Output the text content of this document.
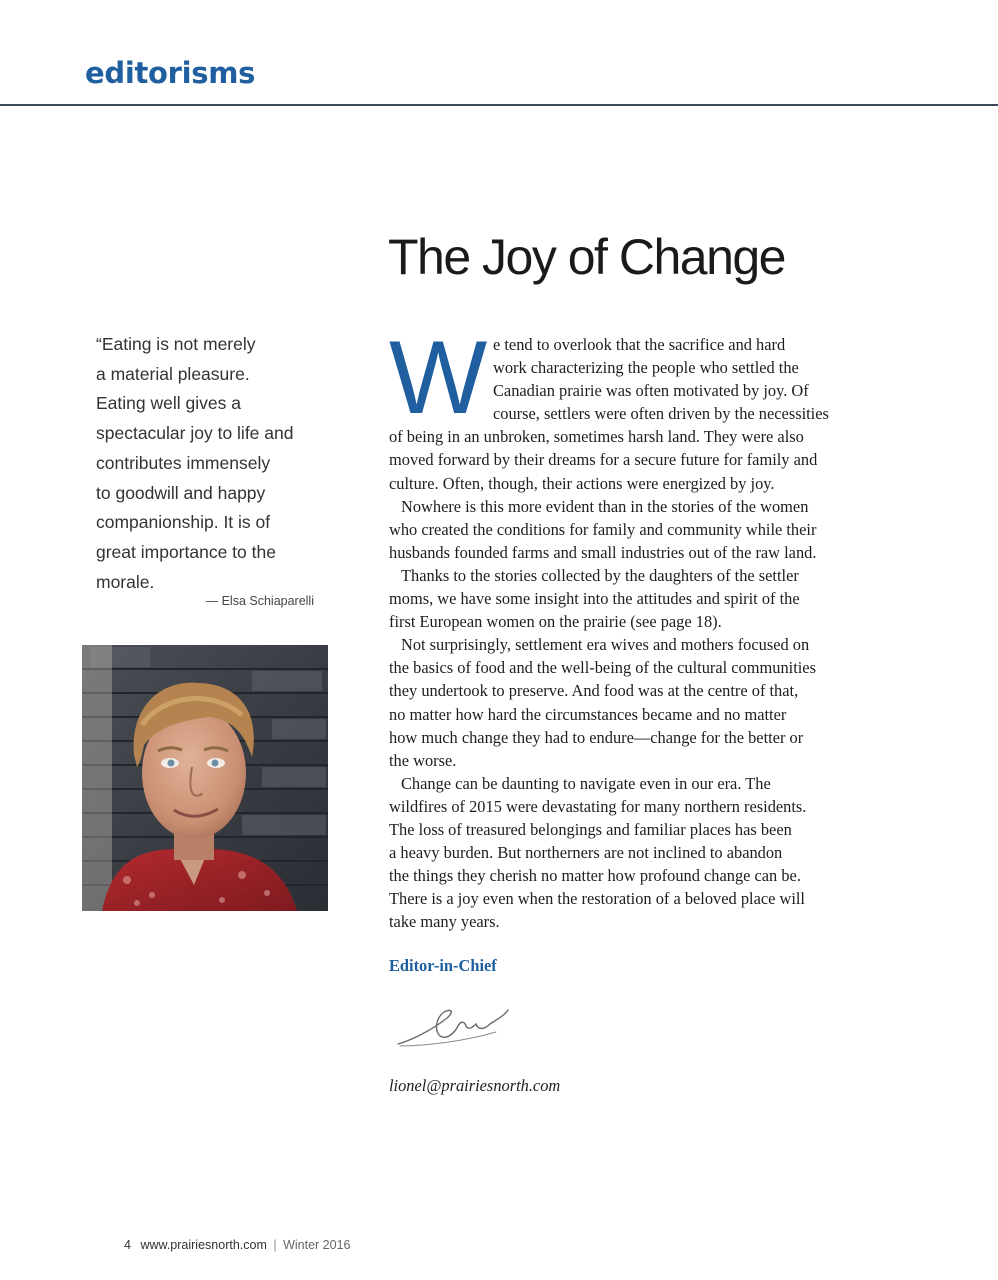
editorisms
The Joy of Change
“Eating is not merely
a material pleasure.
Eating well gives a
spectacular joy to life and
contributes immensely
to goodwill and happy
companionship. It is of
great importance to the
morale.
— Elsa Schiaparelli
W e tend to overlook that the sacrifice and hard
work characterizing the people who settled the
Canadian prairie was often motivated by joy. Of
course, settlers were often driven by the necessities
of being in an unbroken, sometimes harsh land. They were also
moved forward by their dreams for a secure future for family and
culture. Often, though, their actions were energized by joy.
Nowhere is this more evident than in the stories of the women
who created the conditions for family and community while their
husbands founded farms and small industries out of the raw land.
Thanks to the stories collected by the daughters of the settler
moms, we have some insight into the attitudes and spirit of the
first European women on the prairie (see page 18).
Not surprisingly, settlement era wives and mothers focused on
the basics of food and the well-being of the cultural communities
they undertook to preserve. And food was at the centre of that,
no matter how hard the circumstances became and no matter
how much change they had to endure—change for the better or
the worse.
Change can be daunting to navigate even in our era. The
wildfires of 2015 were devastating for many northern residents.
The loss of treasured belongings and familiar places has been
a heavy burden. But northerners are not inclined to abandon
the things they cherish no matter how profound change can be.
There is a joy even when the restoration of a beloved place will
take many years.
Editor-in-Chief
lionel@prairiesnorth.com
4 www.prairiesnorth.com | Winter 2016
